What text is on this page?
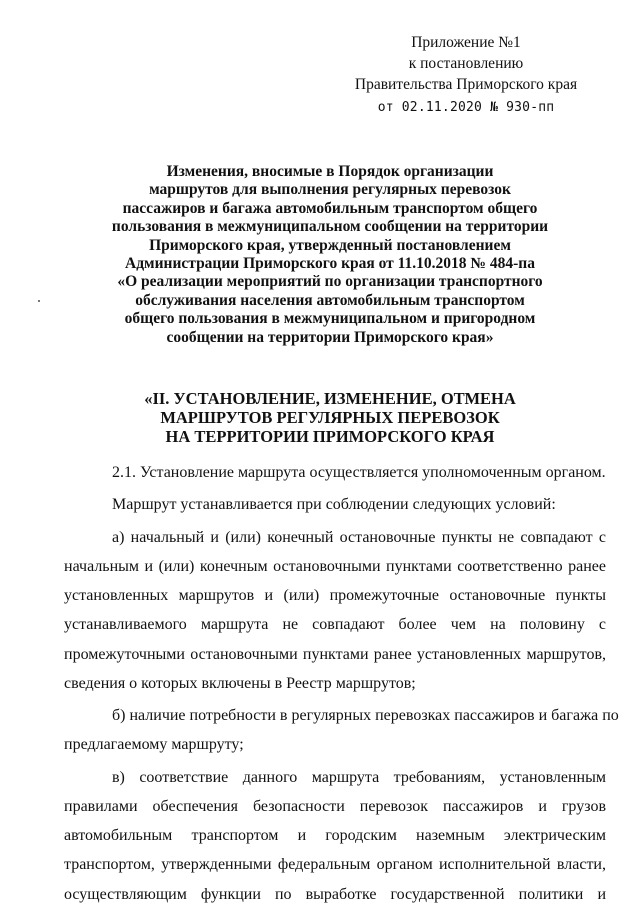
Приложение №1
к постановлению
Правительства Приморского края
от 02.11.2020 № 930-пп
Изменения, вносимые в Порядок организации
маршрутов для выполнения регулярных перевозок
пассажиров и багажа автомобильным транспортом общего
пользования в межмуниципальном сообщении на территории
Приморского края, утвержденный постановлением
Администрации Приморского края от 11.10.2018 № 484-па
«О реализации мероприятий по организации транспортного
обслуживания населения автомобильным транспортом
общего пользования в межмуниципальном и пригородном
сообщении на территории Приморского края»
«II. УСТАНОВЛЕНИЕ, ИЗМЕНЕНИЕ, ОТМЕНА
МАРШРУТОВ РЕГУЛЯРНЫХ ПЕРЕВОЗОК
НА ТЕРРИТОРИИ ПРИМОРСКОГО КРАЯ
2.1. Установление маршрута осуществляется уполномоченным органом.
Маршрут устанавливается при соблюдении следующих условий:
а) начальный и (или) конечный остановочные пункты не совпадают с
начальным и (или) конечным остановочными пунктами соответственно ранее
установленных маршрутов и (или) промежуточные остановочные пункты
устанавливаемого маршрута не совпадают более чем на половину с
промежуточными остановочными пунктами ранее установленных маршрутов,
сведения о которых включены в Реестр маршрутов;
б) наличие потребности в регулярных перевозках пассажиров и багажа по
предлагаемому маршруту;
в) соответствие данного маршрута требованиям, установленным
правилами обеспечения безопасности перевозок пассажиров и грузов
автомобильным транспортом и городским наземным электрическим
транспортом, утвержденными федеральным органом исполнительной власти,
осуществляющим функции по выработке государственной политики и
